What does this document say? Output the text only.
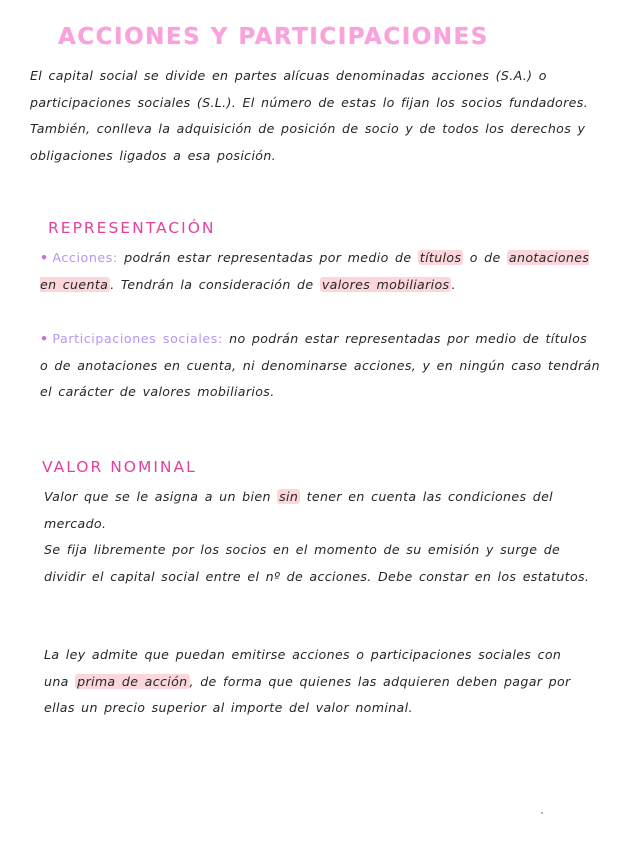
ACCIONES Y PARTICIPACIONES

El capital social se divide en partes alícuas denominadas acciones (S.A.) o participaciones sociales (S.L.). El número de estas lo fijan los socios fundadores. También, conlleva la adquisición de posición de socio y de todos los derechos y obligaciones ligados a esa posición.

REPRESENTACIÓN

• Acciones: podrán estar representadas por medio de títulos o de anotaciones en cuenta . Tendrán la consideración de valores mobiliarios .

• Participaciones sociales: no podrán estar representadas por medio de títulos o de anotaciones en cuenta, ni denominarse acciones, y en ningún caso tendrán el carácter de valores mobiliarios.

VALOR NOMINAL

Valor que se le asigna a un bien sin tener en cuenta las condiciones del mercado.

Se fija libremente por los socios en el momento de su emisión y surge de dividir el capital social entre el nº de acciones. Debe constar en los estatutos.

La ley admite que puedan emitirse acciones o participaciones sociales con una prima de acción , de forma que quienes las adquieren deben pagar por ellas un precio superior al importe del valor nominal.
